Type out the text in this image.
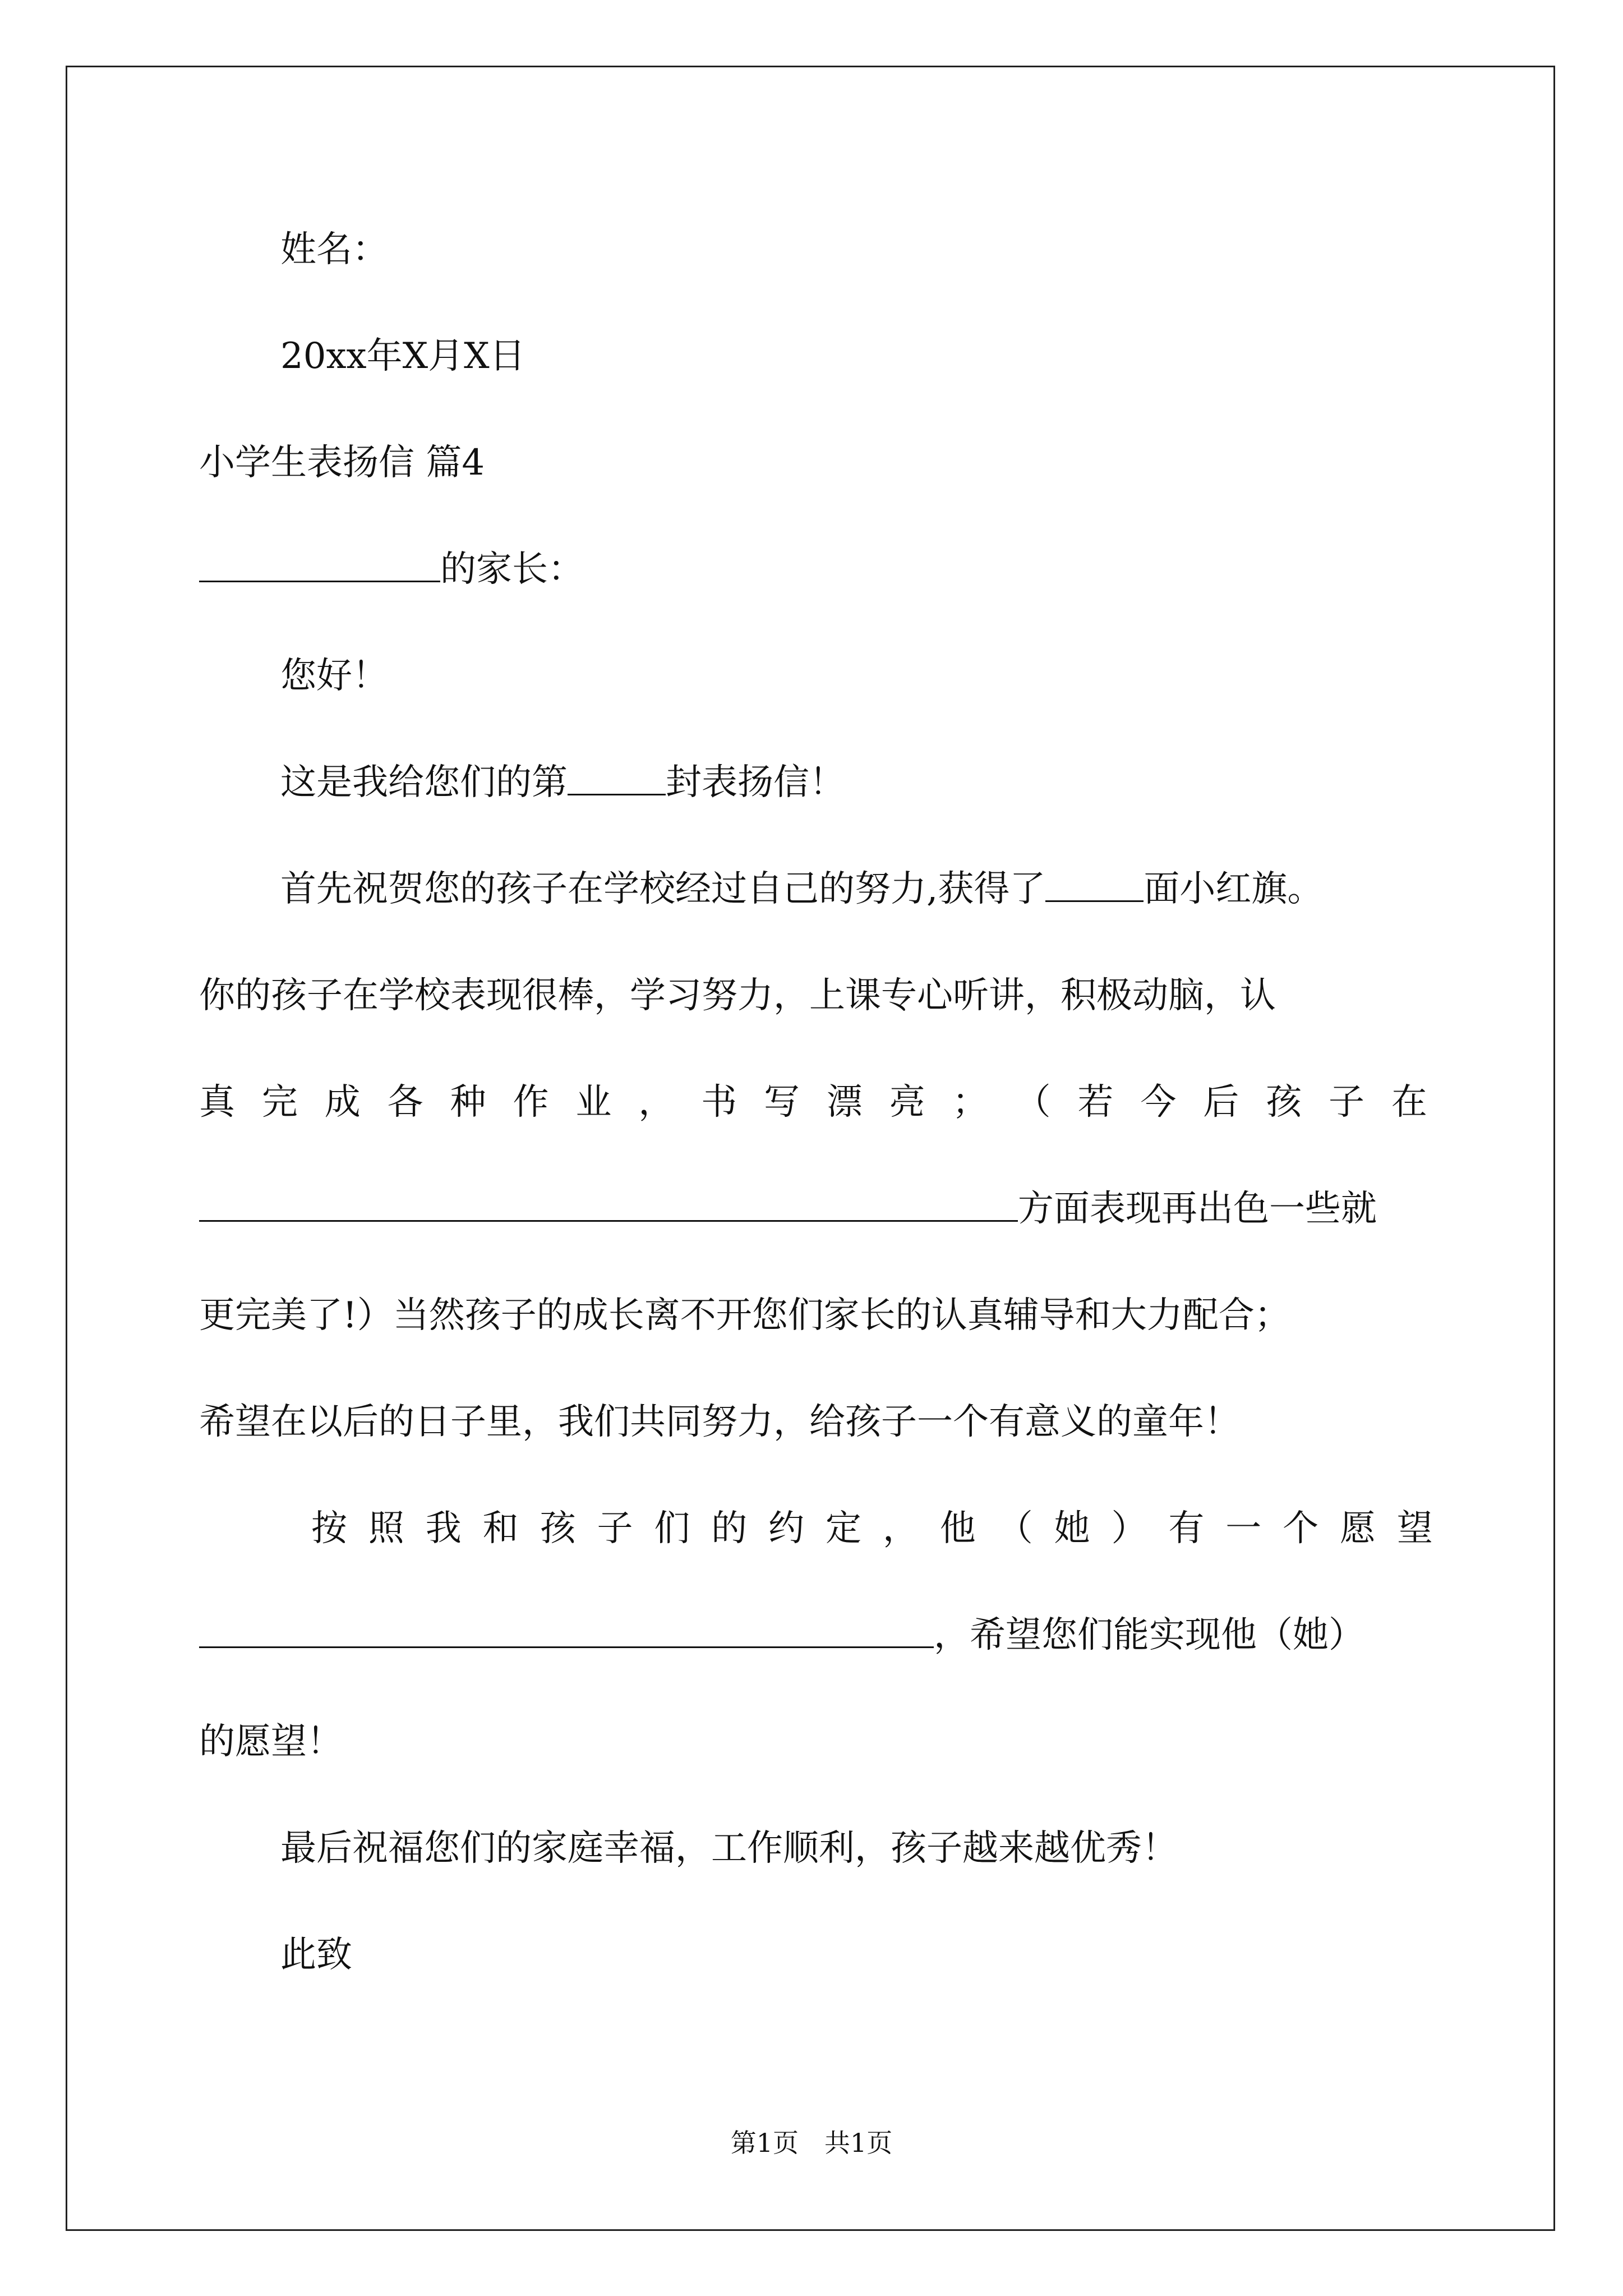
姓名：
20xx年X月X日
小学生表扬信 篇4
的家长：
您好！
这是我给您们的第	封表扬信！
首先祝贺您的孩子在学校经过自己的努力,获得了	面小红旗。
你的孩子在学校表现很棒，学习努力，上课专心听讲，积极动脑，认
真 完 成 各 种 作 业 ， 书 写 漂 亮 ； （ 若 今 后 孩 子 在
方面表现再出色一些就
更完美了!）当然孩子的成长离不开您们家长的认真辅导和大力配合；
希望在以后的日子里，我们共同努力，给孩子一个有意义的童年！
按 照 我 和 孩 子 们 的 约 定 ， 他 （ 她 ） 有 一 个 愿 望
，希望您们能实现他（她）
的愿望！
最后祝福您们的家庭幸福，工作顺利，孩子越来越优秀！
此致
第1页　共1页
